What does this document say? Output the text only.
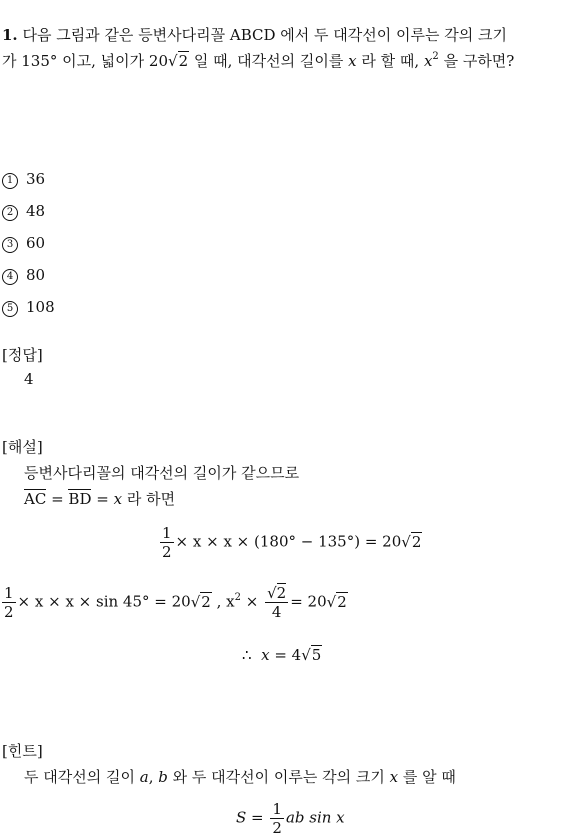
1. 다음 그림과 같은 등변사다리꼴 ABCD 에서 두 대각선이 이루는 각의 크기
가 135° 이고, 넓이가 20√2 일 때, 대각선의 길이를 x 라 할 때, $x^2$ 을 구하면?
1 36
2 48
3 60
4 80
5 108
[정답]
4
[해설]
등변사다리꼴의 대각선의 길이가 같으므로
AC = BD = x 라 하면
$\frac{1}{2} \times x \times x \times (180^\circ - 135^\circ) = 20√2$
$\frac{1}{2} \times x \times x \times \sin 45^\circ = 20√2$ , $x^2 \times \frac{√2}{4} = 20√2$
∴ x = 4√5
[힌트]
두 대각선의 길이 a, b 와 두 대각선이 이루는 각의 크기 x 를 알 때
$S = \frac{1}{2}$ ab sin x
